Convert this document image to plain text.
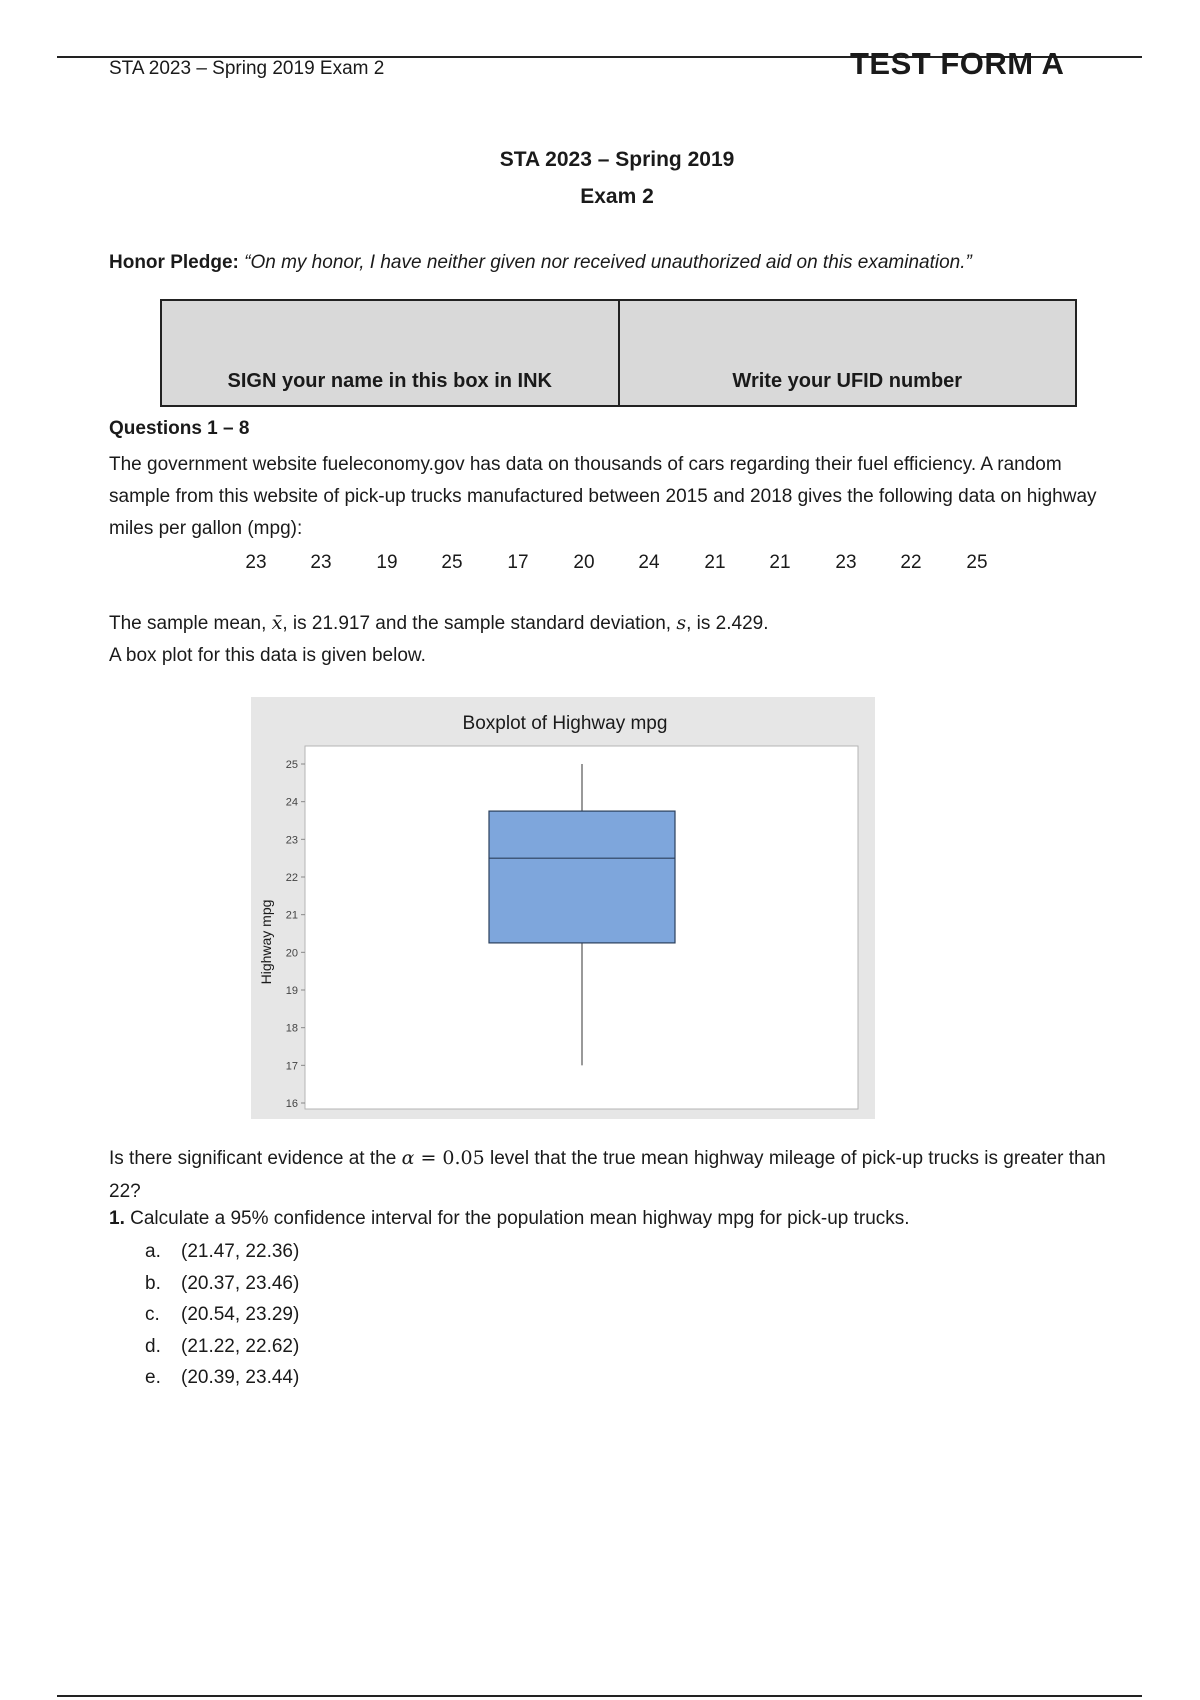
STA 2023 – Spring 2019 Exam 2	TEST FORM A
STA 2023 – Spring 2019
Exam 2
Honor Pledge: “On my honor, I have neither given nor received unauthorized aid on this examination.”
SIGN your name in this box in INK	Write your UFID number
Questions 1 – 8
The government website fueleconomy.gov has data on thousands of cars regarding their fuel efficiency. A random sample from this website of pick-up trucks manufactured between 2015 and 2018 gives the following data on highway miles per gallon (mpg):
23	23	19	25	17	20	24	21	21	23	22	25
The sample mean, x̄, is 21.917 and the sample standard deviation, s, is 2.429.
A box plot for this data is given below.
Boxplot of Highway mpg
Highway mpg
25
24
23
22
21
20
19
18
17
16
Is there significant evidence at the α = 0.05 level that the true mean highway mileage of pick-up trucks is greater than 22?
1. Calculate a 95% confidence interval for the population mean highway mpg for pick-up trucks.
a. (21.47, 22.36)
b. (20.37, 23.46)
c. (20.54, 23.29)
d. (21.22, 22.62)
e. (20.39, 23.44)
